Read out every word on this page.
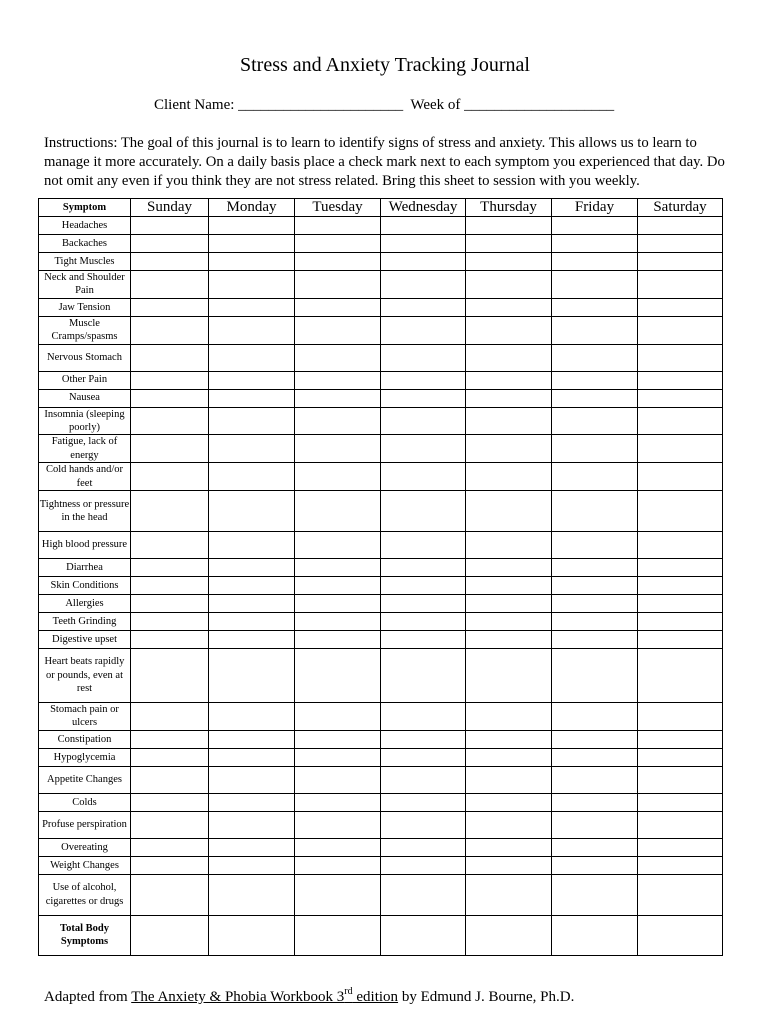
Stress and Anxiety Tracking Journal
Client Name: ______________________ Week of ____________________
Instructions: The goal of this journal is to learn to identify signs of stress and anxiety. This allows us to learn to manage it more accurately. On a daily basis place a check mark next to each symptom you experienced that day. Do not omit any even if you think they are not stress related. Bring this sheet to session with you weekly.
Symptom	Sunday	Monday	Tuesday	Wednesday	Thursday	Friday	Saturday
Headaches							
Backaches							
Tight Muscles							
Neck and Shoulder Pain							
Jaw Tension							
Muscle Cramps/spasms							
Nervous Stomach							
Other Pain							
Nausea							
Insomnia (sleeping poorly)							
Fatigue, lack of energy							
Cold hands and/or feet							
Tightness or pressure in the head							
High blood pressure							
Diarrhea							
Skin Conditions							
Allergies							
Teeth Grinding							
Digestive upset							
Heart beats rapidly or pounds, even at rest							
Stomach pain or ulcers							
Constipation							
Hypoglycemia							
Appetite Changes							
Colds							
Profuse perspiration							
Overeating							
Weight Changes							
Use of alcohol, cigarettes or drugs							
Total Body Symptoms							
Adapted from The Anxiety & Phobia Workbook 3rd edition by Edmund J. Bourne, Ph.D.
